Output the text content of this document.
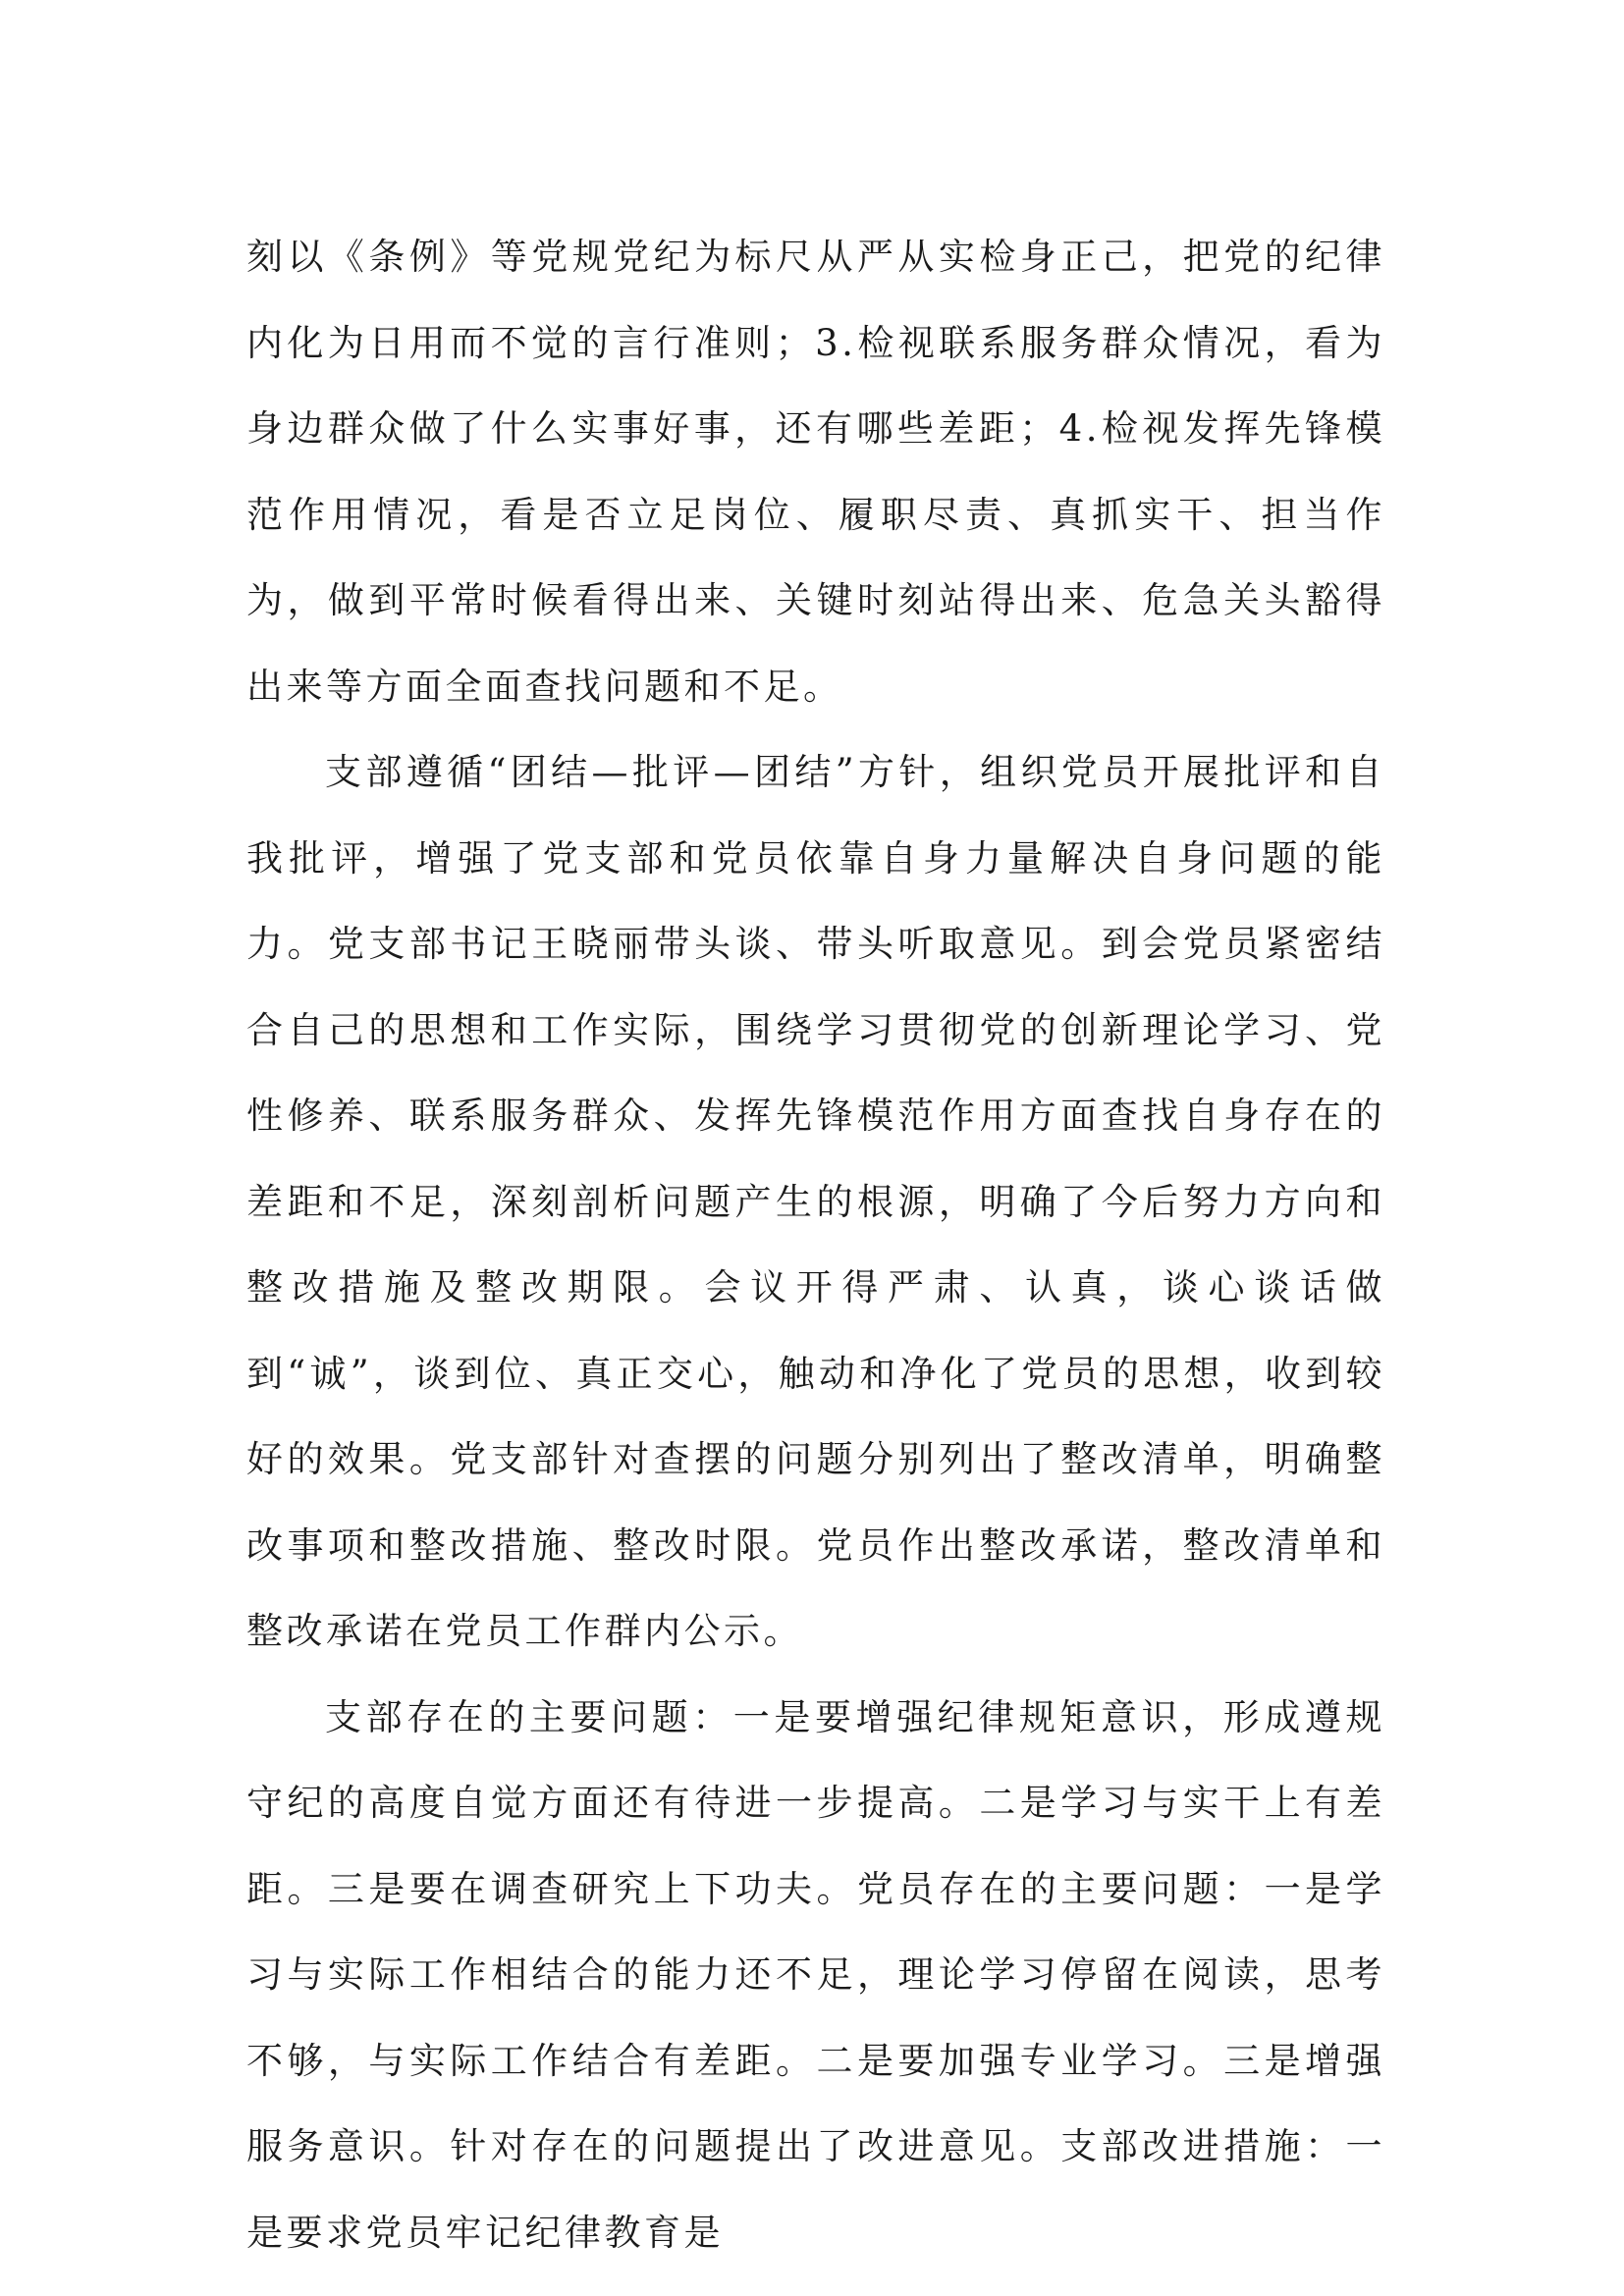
刻以《条例》等党规党纪为标尺从严从实检身正己，把党的纪律内化为日用而不觉的言行准则；3.检视联系服务群众情况，看为身边群众做了什么实事好事，还有哪些差距；4.检视发挥先锋模范作用情况，看是否立足岗位、履职尽责、真抓实干、担当作为，做到平常时候看得出来、关键时刻站得出来、危急关头豁得出来等方面全面查找问题和不足。

支部遵循“团结—批评—团结”方针，组织党员开展批评和自我批评，增强了党支部和党员依靠自身力量解决自身问题的能力。党支部书记王晓丽带头谈、带头听取意见。到会党员紧密结合自己的思想和工作实际，围绕学习贯彻党的创新理论学习、党性修养、联系服务群众、发挥先锋模范作用方面查找自身存在的差距和不足，深刻剖析问题产生的根源，明确了今后努力方向和整改措施及整改期限。会议开得严肃、认真，谈心谈话做到“诚”，谈到位、真正交心，触动和净化了党员的思想，收到较好的效果。党支部针对查摆的问题分别列出了整改清单，明确整改事项和整改措施、整改时限。党员作出整改承诺，整改清单和整改承诺在党员工作群内公示。

支部存在的主要问题：一是要增强纪律规矩意识，形成遵规守纪的高度自觉方面还有待进一步提高。二是学习与实干上有差距。三是要在调查研究上下功夫。党员存在的主要问题：一是学习与实际工作相结合的能力还不足，理论学习停留在阅读，思考不够，与实际工作结合有差距。二是要加强专业学习。三是增强服务意识。针对存在的问题提出了改进意见。支部改进措施：一是要求党员牢记纪律教育是
